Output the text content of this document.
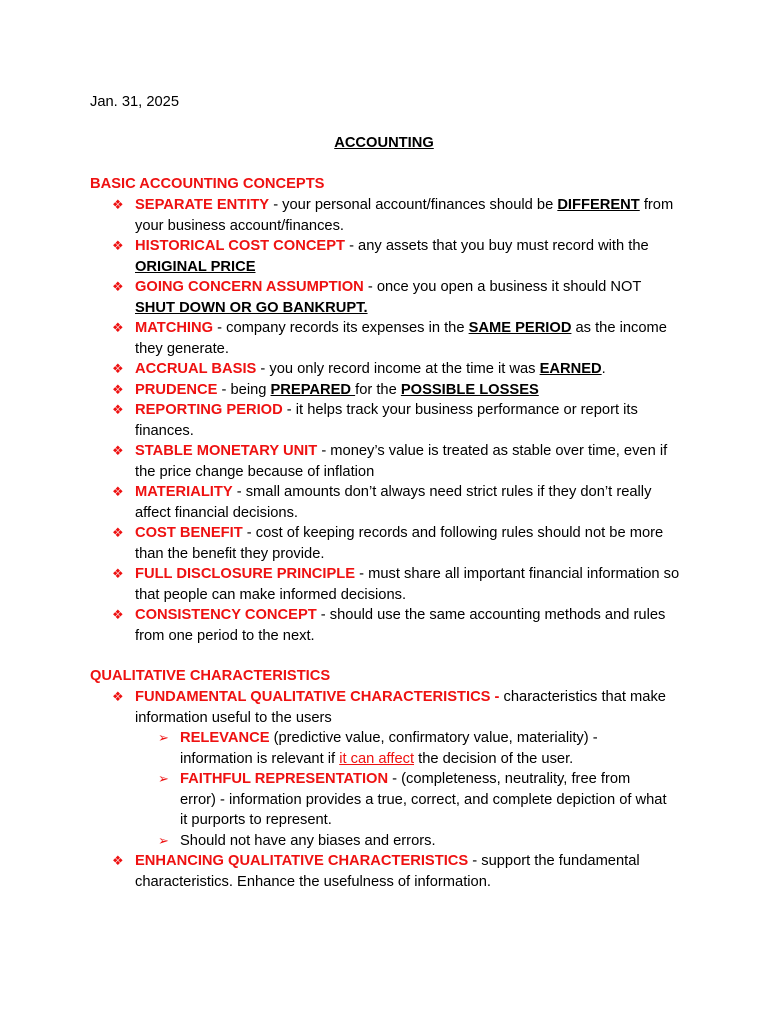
Jan. 31, 2025
ACCOUNTING
BASIC ACCOUNTING CONCEPTS
❖ SEPARATE ENTITY - your personal account/finances should be DIFFERENT from your business account/finances.
❖ HISTORICAL COST CONCEPT - any assets that you buy must record with the ORIGINAL PRICE
❖ GOING CONCERN ASSUMPTION - once you open a business it should NOT SHUT DOWN OR GO BANKRUPT.
❖ MATCHING - company records its expenses in the SAME PERIOD as the income they generate.
❖ ACCRUAL BASIS - you only record income at the time it was EARNED.
❖ PRUDENCE - being PREPARED for the POSSIBLE LOSSES
❖ REPORTING PERIOD - it helps track your business performance or report its finances.
❖ STABLE MONETARY UNIT - money’s value is treated as stable over time, even if the price change because of inflation
❖ MATERIALITY - small amounts don’t always need strict rules if they don’t really affect financial decisions.
❖ COST BENEFIT - cost of keeping records and following rules should not be more than the benefit they provide.
❖ FULL DISCLOSURE PRINCIPLE - must share all important financial information so that people can make informed decisions.
❖ CONSISTENCY CONCEPT - should use the same accounting methods and rules from one period to the next.
QUALITATIVE CHARACTERISTICS
❖ FUNDAMENTAL QUALITATIVE CHARACTERISTICS - characteristics that make information useful to the users
➢ RELEVANCE (predictive value, confirmatory value, materiality) - information is relevant if it can affect the decision of the user.
➢ FAITHFUL REPRESENTATION - (completeness, neutrality, free from error) - information provides a true, correct, and complete depiction of what it purports to represent.
➢ Should not have any biases and errors.
❖ ENHANCING QUALITATIVE CHARACTERISTICS - support the fundamental characteristics. Enhance the usefulness of information.
